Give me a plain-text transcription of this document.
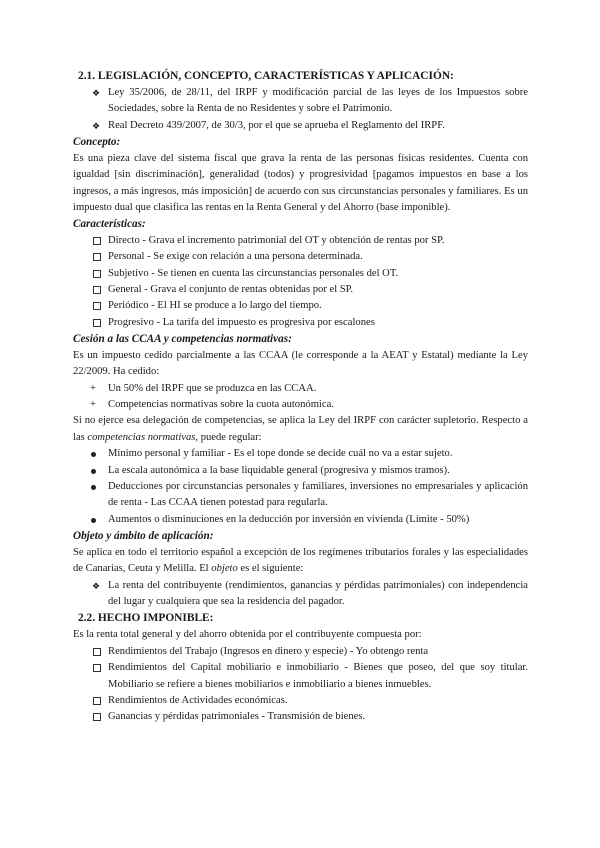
2.1. LEGISLACIÓN, CONCEPTO, CARACTERÍSTICAS Y APLICACIÓN:
❖ Ley 35/2006, de 28/11, del IRPF y modificación parcial de las leyes de los Impuestos sobre Sociedades, sobre la Renta de no Residentes y sobre el Patrimonio.
❖ Real Decreto 439/2007, de 30/3, por el que se aprueba el Reglamento del IRPF.
Concepto:

Es una pieza clave del sistema fiscal que grava la renta de las personas físicas residentes. Cuenta con igualdad [sin discriminación], generalidad (todos) y progresividad [pagamos impuestos en base a los ingresos, a más ingresos, más imposición] de acuerdo con sus circunstancias personales y familiares. Es un impuesto dual que clasifica las rentas en la Renta General y del Ahorro (base imponible).

Características:
Directo - Grava el incremento patrimonial del OT y obtención de rentas por SP.
Personal - Se exige con relación a una persona determinada.
Subjetivo - Se tienen en cuenta las circunstancias personales del OT.
General - Grava el conjunto de rentas obtenidas por el SP.
Periódico - El HI se produce a lo largo del tiempo.
Progresivo - La tarifa del impuesto es progresiva por escalones
Cesión a las CCAA y competencias normativas:

Es un impuesto cedido parcialmente a las CCAA (le corresponde a la AEAT y Estatal) mediante la Ley 22/2009. Ha cedido:

+ Un 50% del IRPF que se produzca en las CCAA.
+ Competencias normativas sobre la cuota autonómica.

Si no ejerce esa delegación de competencias, se aplica la Ley del IRPF con carácter supletorio. Respecto a las competencias normativas, puede regular:

Mínimo personal y familiar - Es el tope donde se decide cuál no va a estar sujeto.
La escala autonómica a la base liquidable general (progresiva y mismos tramos).
Deducciones por circunstancias personales y familiares, inversiones no empresariales y aplicación de renta - Las CCAA tienen potestad para regularla.
Aumentos o disminuciones en la deducción por inversión en vivienda (Límite - 50%)
Objeto y ámbito de aplicación:

Se aplica en todo el territorio español a excepción de los regímenes tributarios forales y las especialidades de Canarias, Ceuta y Melilla. El objeto es el siguiente:

❖ La renta del contribuyente (rendimientos, ganancias y pérdidas patrimoniales) con independencia del lugar y cualquiera que sea la residencia del pagador.
2.2. HECHO IMPONIBLE:

Es la renta total general y del ahorro obtenida por el contribuyente compuesta por:

Rendimientos del Trabajo (Ingresos en dinero y especie) - Yo obtengo renta
Rendimientos del Capital mobiliario e inmobiliario - Bienes que poseo, del que soy titular. Mobiliario se refiere a bienes mobiliarios e inmobiliario a bienes inmuebles.
Rendimientos de Actividades económicas.
Ganancias y pérdidas patrimoniales - Transmisión de bienes.
